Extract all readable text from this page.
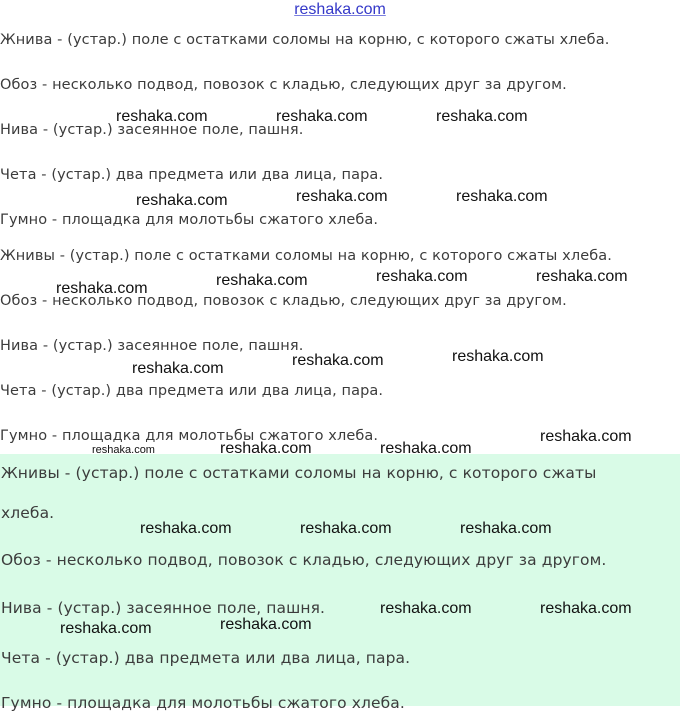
reshaka.com
Жнива - (устар.) поле с остатками соломы на корню, с которого сжаты хлеба.
Обоз - несколько подвод, повозок с кладью, следующих друг за другом.
Нива - (устар.) засеянное поле, пашня.
Чета - (устар.) два предмета или два лица, пара.
Гумно - площадка для молотьбы сжатого хлеба.
Жнивы - (устар.) поле с остатками соломы на корню, с которого сжаты хлеба.
Обоз - несколько подвод, повозок с кладью, следующих друг за другом.
Нива - (устар.) засеянное поле, пашня.
Чета - (устар.) два предмета или два лица, пара.
Гумно - площадка для молотьбы сжатого хлеба.
Жнивы - (устар.) поле с остатками соломы на корню, с которого сжаты
хлеба.
Обоз - несколько подвод, повозок с кладью, следующих друг за другом.
Нива - (устар.) засеянное поле, пашня.
Чета - (устар.) два предмета или два лица, пара.
Гумно - площадка для молотьбы сжатого хлеба.
reshaka.com	reshaka.com	reshaka.com
reshaka.com	reshaka.com	reshaka.com
reshaka.com	reshaka.com	reshaka.com	reshaka.com
reshaka.com	reshaka.com	reshaka.com
reshaka.com	reshaka.com	reshaka.com
reshaka.com
reshaka.com	reshaka.com	reshaka.com
reshaka.com	reshaka.com
reshaka.com	reshaka.com
